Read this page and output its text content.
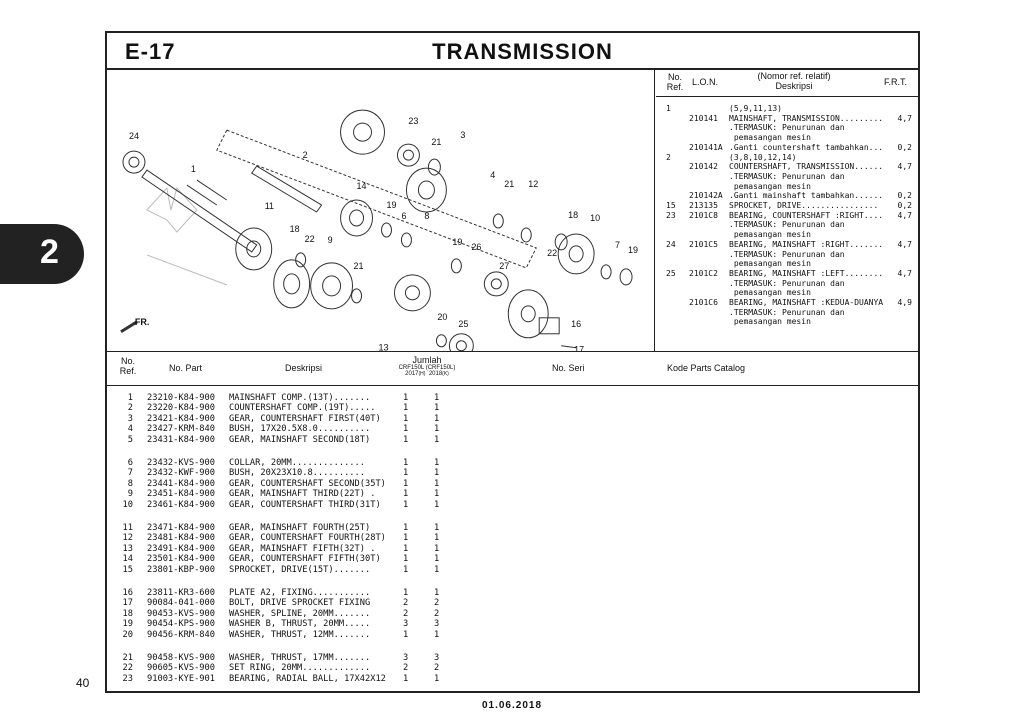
2
40
01.06.2018
E-17	TRANSMISSION
24
1
2
3
23
21
4
21 12
14
19
6 8
19 26
27
18 10
22
7 19
11
18
22 9
21
13
20
25	16
17
FR.
No.
Ref. L.O.N.
(Nomor ref. relatif)
Deskripsi	F.R.T.
1	(5,9,11,13)
210141 MAINSHAFT, TRANSMISSION......... 4,7
.TERMASUK: Penurunan dan
pemasangan mesin
210141A .Ganti countershaft tambahkan... 0,2
2	(3,8,10,12,14)
210142 COUNTERSHAFT, TRANSMISSION...... 4,7
.TERMASUK: Penurunan dan
pemasangan mesin
210142A .Ganti mainshaft tambahkan...... 0,2
15 213135 SPROCKET, DRIVE................ 0,2
23 2101C8 BEARING, COUNTERSHAFT :RIGHT.... 4,7
.TERMASUK: Penurunan dan
pemasangan mesin
24 2101C5 BEARING, MAINSHAFT :RIGHT....... 4,7
.TERMASUK: Penurunan dan
pemasangan mesin
25 2101C2 BEARING, MAINSHAFT :LEFT........ 4,7
.TERMASUK: Penurunan dan
pemasangan mesin
2101C6 BEARING, MAINSHAFT :KEDUA-DUANYA 4,9
.TERMASUK: Penurunan dan
pemasangan mesin
No.
Ref.	No. Part	Deskripsi
Jumlah
CRF150L (CRF150L)
2017(H) 2018(K)
No. Seri	Kode Parts Catalog
1 23210-K84-900 MAINSHAFT COMP.(13T).......	1	1
2 23220-K84-900 COUNTERSHAFT COMP.(19T).....	1	1
3 23421-K84-900 GEAR, COUNTERSHAFT FIRST(40T)	1	1
4 23427-KRM-840 BUSH, 17X20.5X8.0..........	1	1
5 23431-K84-900 GEAR, MAINSHAFT SECOND(18T)	1	1
6 23432-KVS-900 COLLAR, 20MM..............	1	1
7 23432-KWF-900 BUSH, 20X23X10.8..........	1	1
8 23441-K84-900 GEAR, COUNTERSHAFT SECOND(35T) 1	1
9 23451-K84-900 GEAR, MAINSHAFT THIRD(22T) .	1	1
10 23461-K84-900 GEAR, COUNTERSHAFT THIRD(31T)	1	1
11 23471-K84-900 GEAR, MAINSHAFT FOURTH(25T)	1	1
12 23481-K84-900 GEAR, COUNTERSHAFT FOURTH(28T) 1	1
13 23491-K84-900 GEAR, MAINSHAFT FIFTH(32T) .	1	1
14 23501-K84-900 GEAR, COUNTERSHAFT FIFTH(30T)	1	1
15 23801-KBP-900 SPROCKET, DRIVE(15T).......	1	1
16 23811-KR3-600 PLATE A2, FIXING...........	1	1
17 90084-041-000 BOLT, DRIVE SPROCKET FIXING	2	2
18 90453-KVS-900 WASHER, SPLINE, 20MM.......	2	2
19 90454-KPS-900 WASHER B, THRUST, 20MM.....	3	3
20 90456-KRM-840 WASHER, THRUST, 12MM.......	1	1
21 90458-KVS-900 WASHER, THRUST, 17MM.......	3	3
22 90605-KVS-900 SET RING, 20MM.............	2	2
23 91003-KYE-901 BEARING, RADIAL BALL, 17X42X12 1	1
